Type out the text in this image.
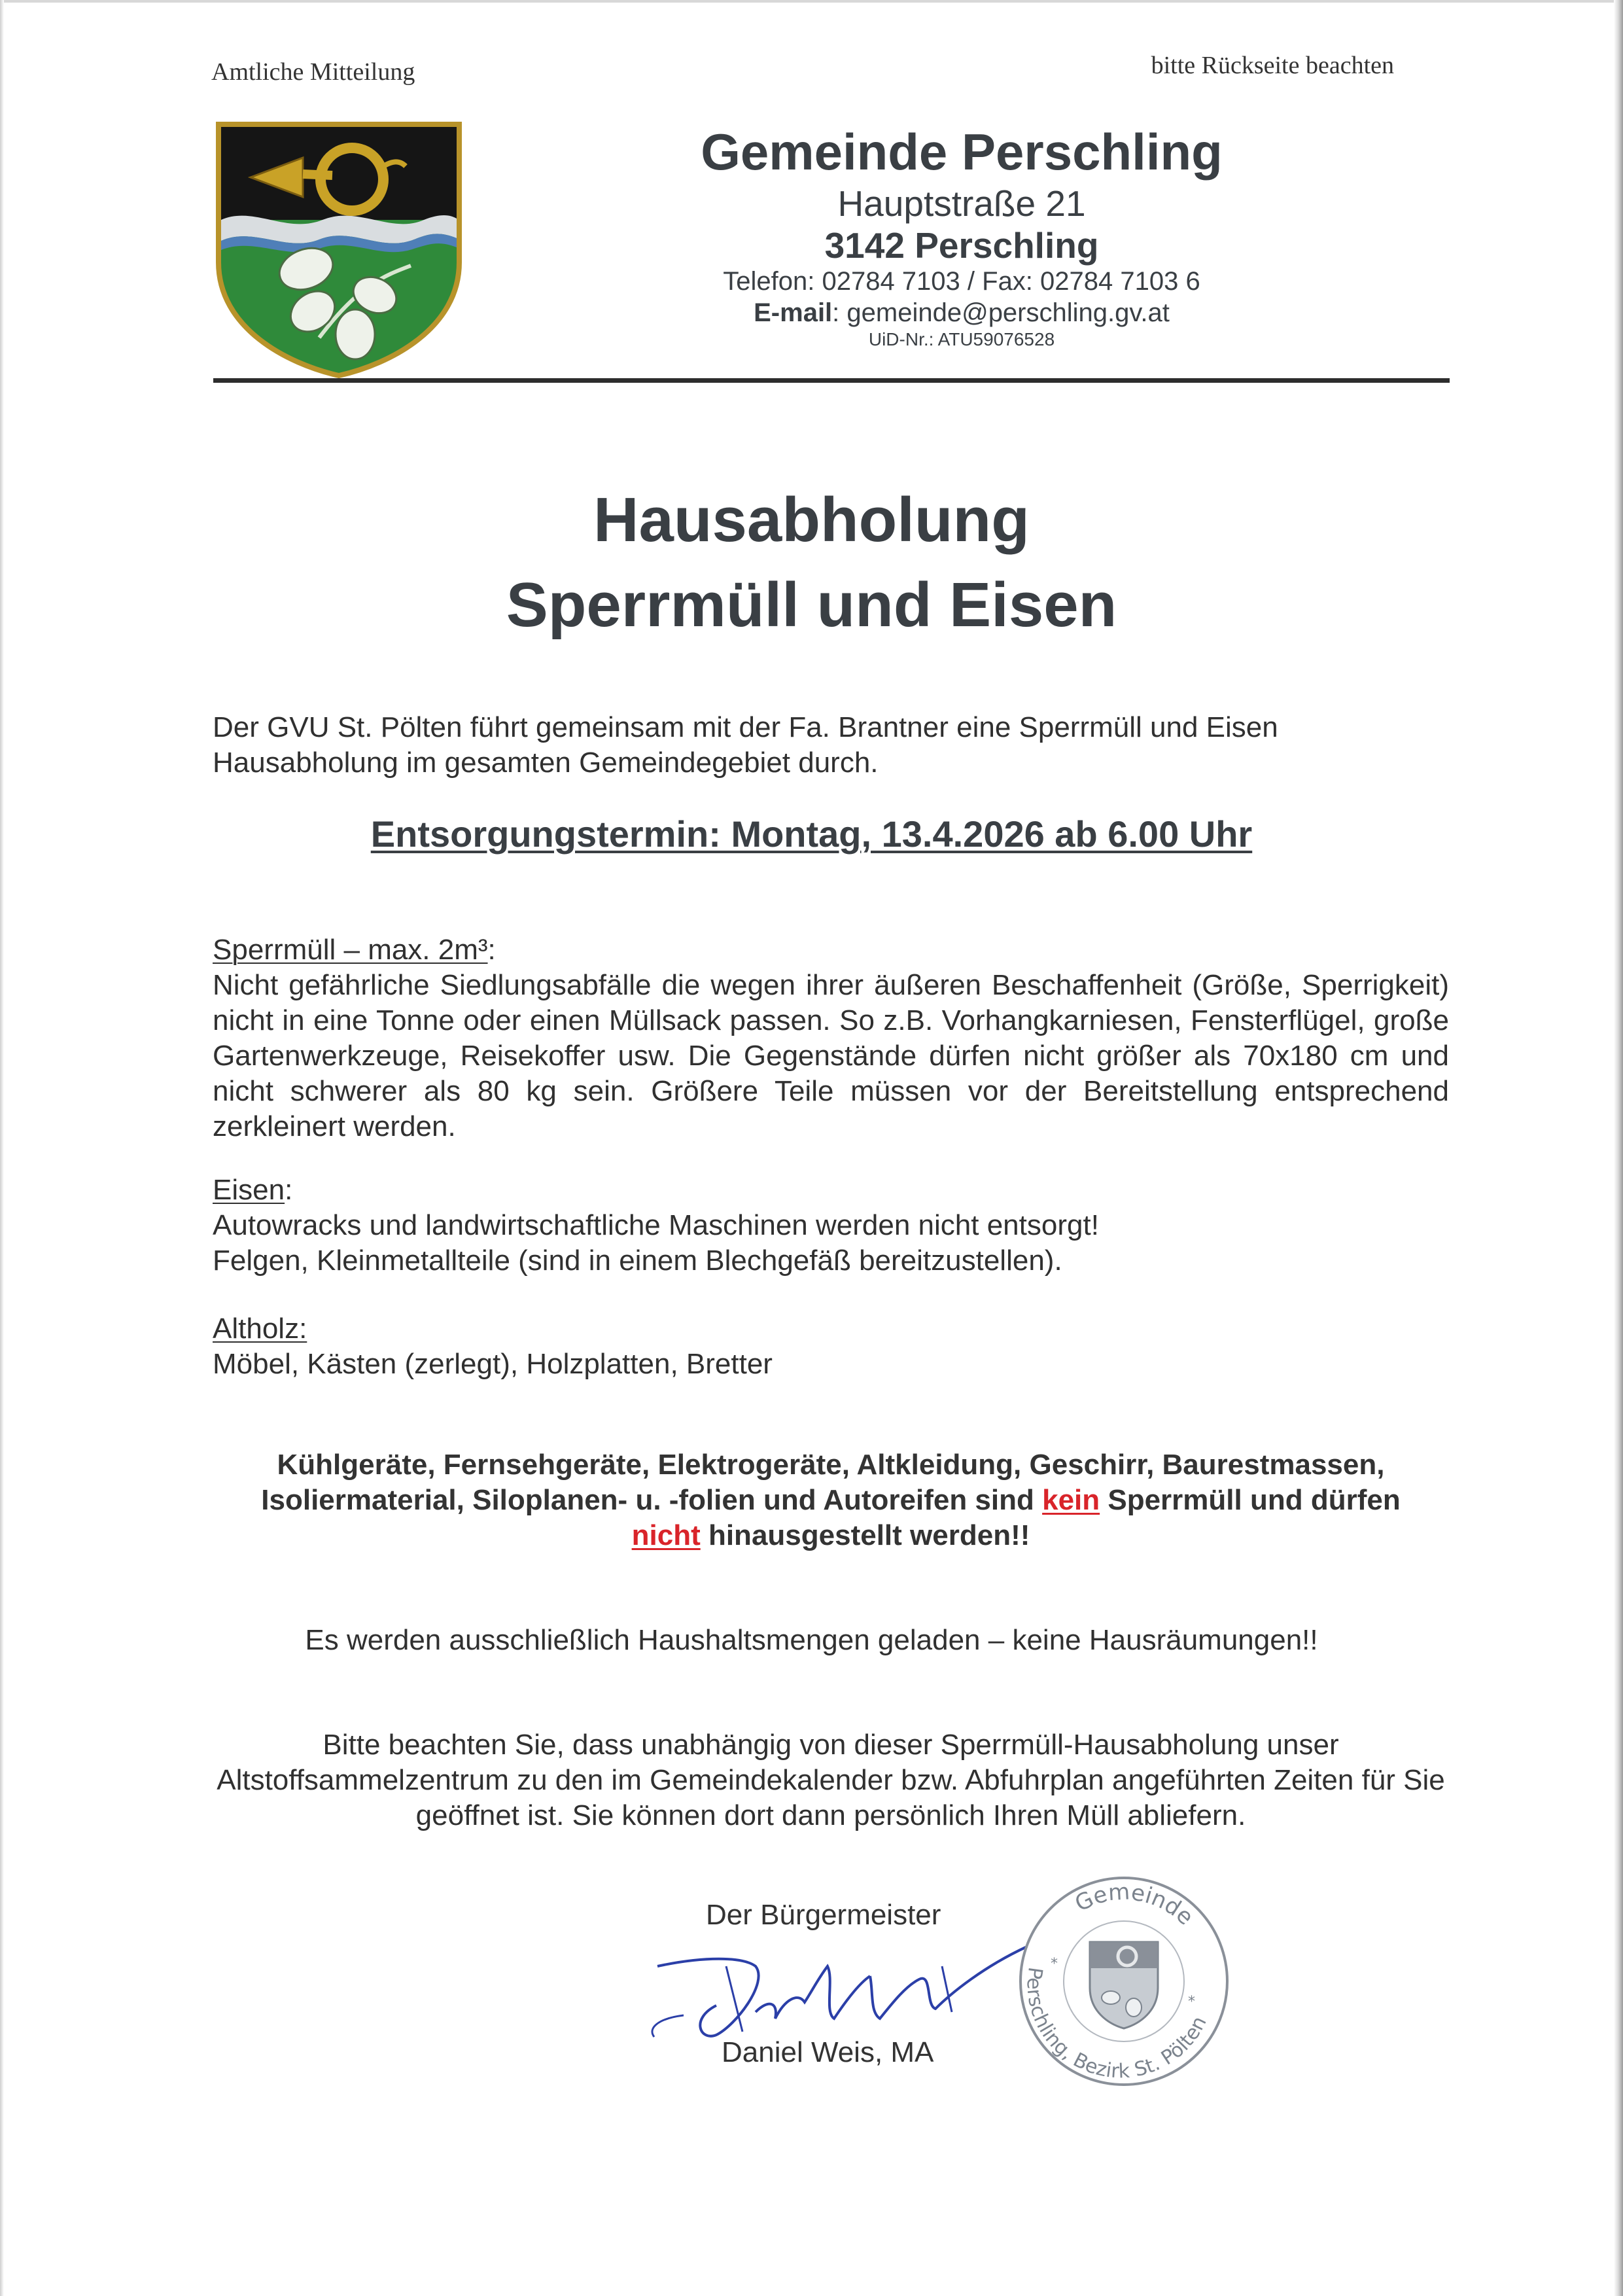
Amtliche Mitteilung	bitte Rückseite beachten
Gemeinde Perschling
Hauptstraße 21
3142 Perschling
Telefon: 02784 7103 / Fax: 02784 7103 6
E-mail: gemeinde@perschling.gv.at
UiD-Nr.: ATU59076528
Hausabholung
Sperrmüll und Eisen
Der GVU St. Pölten führt gemeinsam mit der Fa. Brantner eine Sperrmüll und Eisen Hausabholung im gesamten Gemeindegebiet durch.
Entsorgungstermin: Montag, 13.4.2026 ab 6.00 Uhr
Sperrmüll – max. 2m³:
Nicht gefährliche Siedlungsabfälle die wegen ihrer äußeren Beschaffenheit (Größe, Sperrigkeit) nicht in eine Tonne oder einen Müllsack passen. So z.B. Vorhangkarniesen, Fensterflügel, große Gartenwerkzeuge, Reisekoffer usw. Die Gegenstände dürfen nicht größer als 70x180 cm und nicht schwerer als 80 kg sein. Größere Teile müssen vor der Bereitstellung entsprechend zerkleinert werden.
Eisen:
Autowracks und landwirtschaftliche Maschinen werden nicht entsorgt!
Felgen, Kleinmetallteile (sind in einem Blechgefäß bereitzustellen).
Altholz:
Möbel, Kästen (zerlegt), Holzplatten, Bretter
Kühlgeräte, Fernsehgeräte, Elektrogeräte, Altkleidung, Geschirr, Baurestmassen, Isoliermaterial, Siloplanen- u. -folien und Autoreifen sind kein Sperrmüll und dürfen
nicht hinausgestellt werden!!
Es werden ausschließlich Haushaltsmengen geladen – keine Hausräumungen!!
Bitte beachten Sie, dass unabhängig von dieser Sperrmüll-Hausabholung unser Altstoffsammelzentrum zu den im Gemeindekalender bzw. Abfuhrplan angeführten Zeiten für Sie geöffnet ist. Sie können dort dann persönlich Ihren Müll abliefern.
Der Bürgermeister
Daniel Weis, MA
Gemeinde
Perschling, Bezirk St. Pölten
*
*
